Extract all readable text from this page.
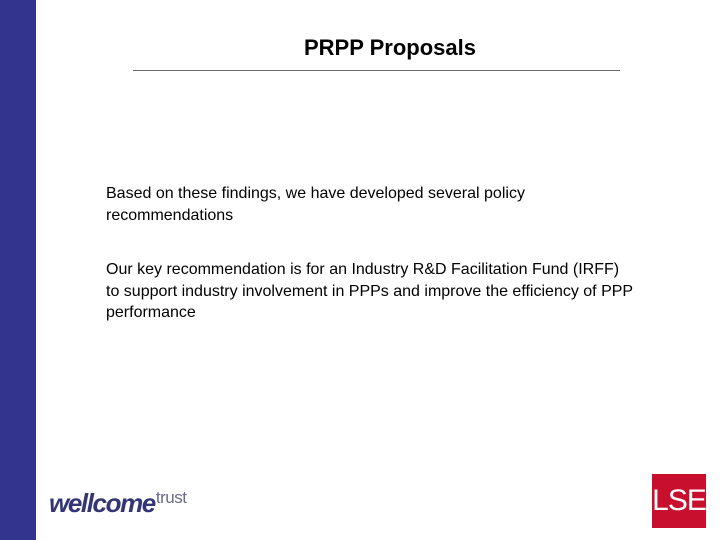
PRPP Proposals

Based on these findings, we have developed several policy recommendations

Our key recommendation is for an Industry R&D Facilitation Fund (IRFF) to support industry involvement in PPPs and improve the efficiency of PPP performance

wellcometrust	LSE
